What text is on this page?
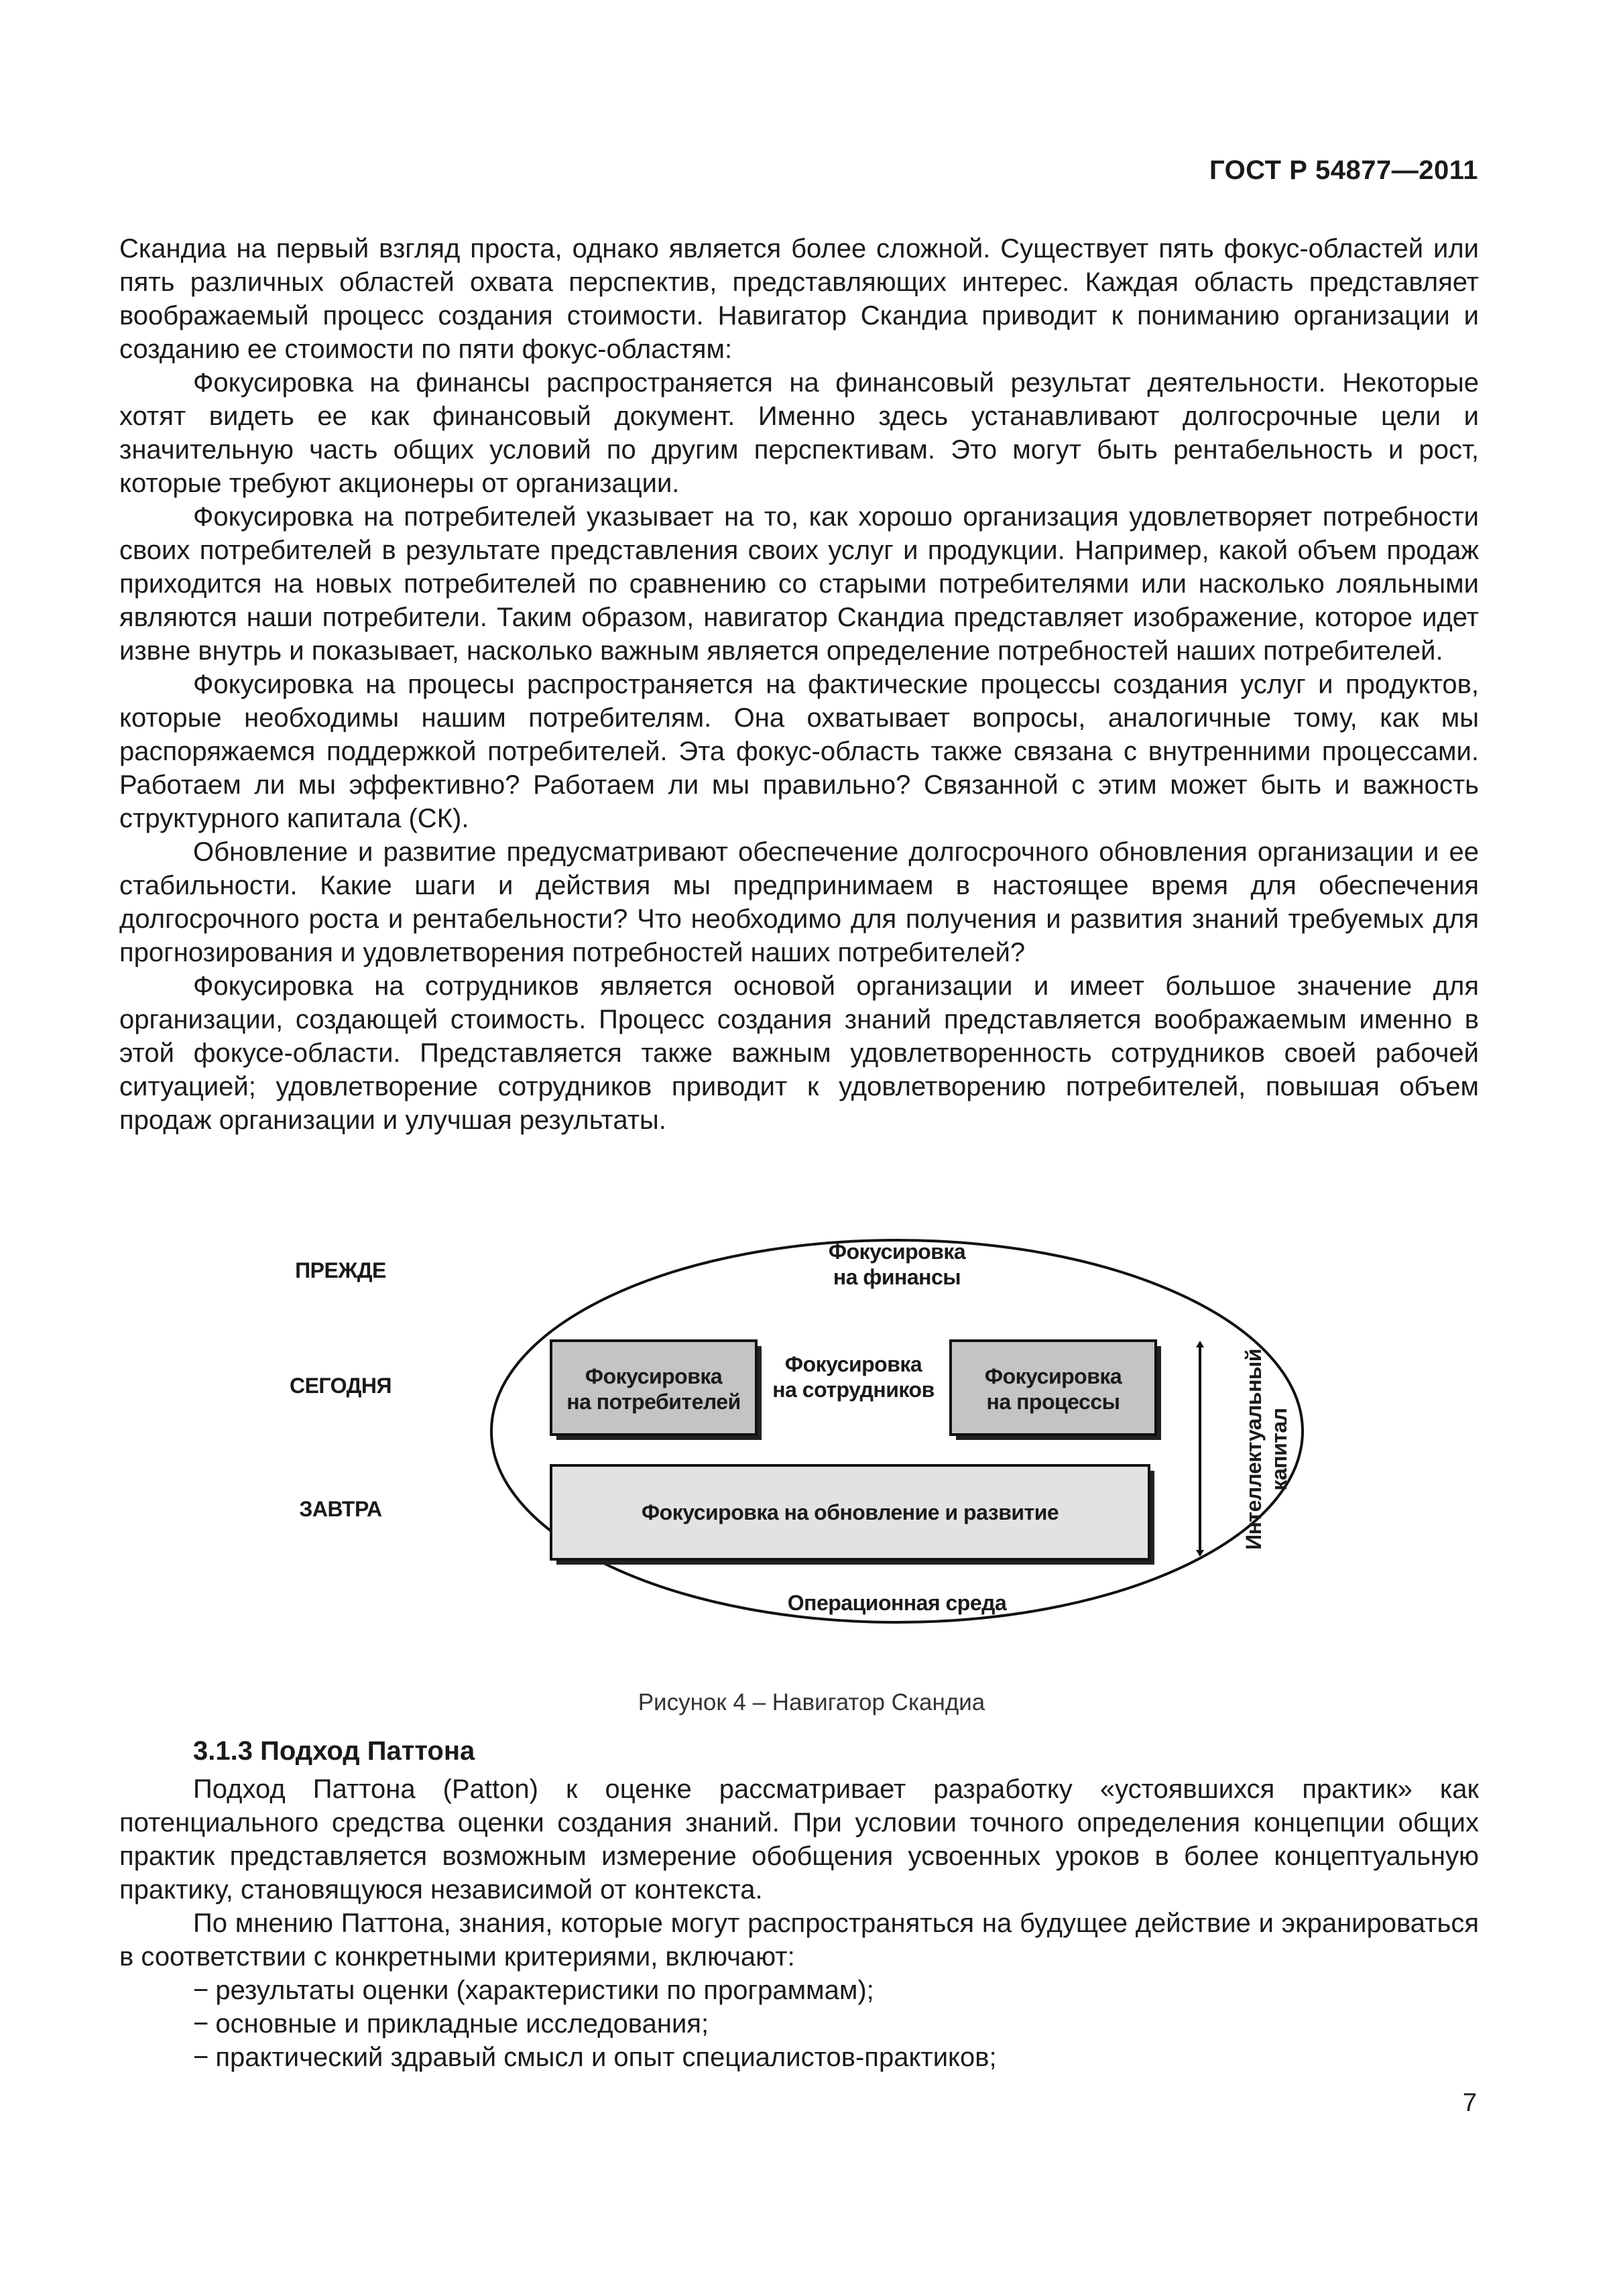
ГОСТ Р 54877—2011

Скандиа на первый взгляд проста, однако является более сложной. Существует пять фокус-областей или пять различных областей охвата перспектив, представляющих интерес. Каждая область представляет воображаемый процесс создания стоимости. Навигатор Скандиа приводит к пониманию организации и созданию ее стоимости по пяти фокус-областям:

Фокусировка на финансы распространяется на финансовый результат деятельности. Некоторые хотят видеть ее как финансовый документ. Именно здесь устанавливают долгосрочные цели и значительную часть общих условий по другим перспективам. Это могут быть рентабельность и рост, которые требуют акционеры от организации.

Фокусировка на потребителей указывает на то, как хорошо организация удовлетворяет потребности своих потребителей в результате представления своих услуг и продукции. Например, какой объем продаж приходится на новых потребителей по сравнению со старыми потребителями или насколько лояльными являются наши потребители. Таким образом, навигатор Скандиа представляет изображение, которое идет извне внутрь и показывает, насколько важным является определение потребностей наших потребителей.

Фокусировка на процесы распространяется на фактические процессы создания услуг и продуктов, которые необходимы нашим потребителям. Она охватывает вопросы, аналогичные тому, как мы распоряжаемся поддержкой потребителей. Эта фокус-область также связана с внутренними процессами. Работаем ли мы эффективно? Работаем ли мы правильно? Связанной с этим может быть и важность структурного капитала (СК).

Обновление и развитие предусматривают обеспечение долгосрочного обновления организации и ее стабильности. Какие шаги и действия мы предпринимаем в настоящее время для обеспечения долгосрочного роста и рентабельности? Что необходимо для получения и развития знаний требуемых для прогнозирования и удовлетворения потребностей наших потребителей?

Фокусировка на сотрудников является основой организации и имеет большое значение для организации, создающей стоимость. Процесс создания знаний представляется воображаемым именно в этой фокусе-области. Представляется также важным удовлетворенность сотрудников своей рабочей ситуацией; удовлетворение сотрудников приводит к удовлетворению потребителей, повышая объем продаж организации и улучшая результаты.

ПРЕЖДЕ
СЕГОДНЯ
ЗАВТРА
Фокусировка
на финансы
Фокусировка
на потребителей
Фокусировка
на сотрудников
Фокусировка
на процессы
Фокусировка на обновление и развитие
Операционная среда
Интеллектуальный
капитал
Рисунок 4 – Навигатор Скандиа
3.1.3 Подход Паттона

Подход Паттона (Patton) к оценке рассматривает разработку «устоявшихся практик» как потенциального средства оценки создания знаний. При условии точного определения концепции общих практик представляется возможным измерение обобщения усвоенных уроков в более концептуальную практику, становящуюся независимой от контекста.

По мнению Паттона, знания, которые могут распространяться на будущее действие и экранироваться в соответствии с конкретными критериями, включают:

− результаты оценки (характеристики по программам);

− основные и прикладные исследования;

− практический здравый смысл и опыт специалистов-практиков;

7
